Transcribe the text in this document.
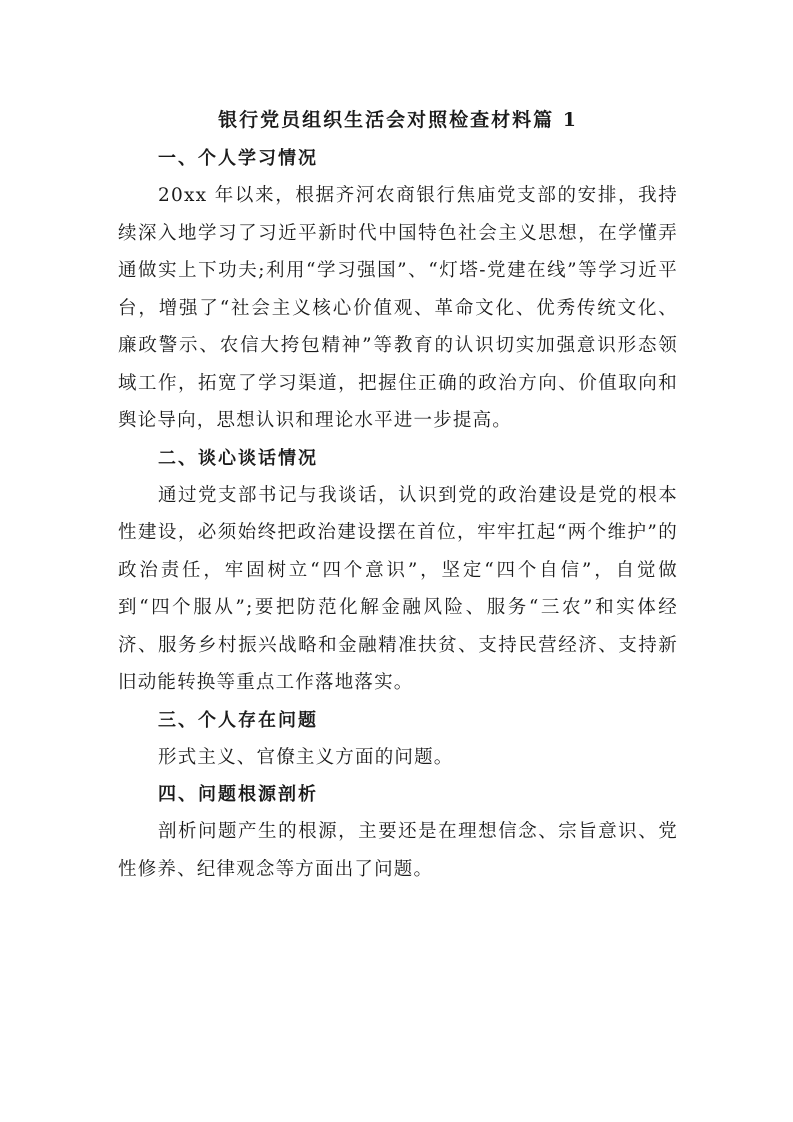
银行党员组织生活会对照检查材料篇 1
一、个人学习情况

20xx 年以来，根据齐河农商银行焦庙党支部的安排，我持续深入地学习了习近平新时代中国特色社会主义思想，在学懂弄通做实上下功夫;利用“学习强国”、“灯塔-党建在线”等学习近平台，增强了“社会主义核心价值观、革命文化、优秀传统文化、廉政警示、农信大挎包精神”等教育的认识切实加强意识形态领域工作，拓宽了学习渠道，把握住正确的政治方向、价值取向和舆论导向，思想认识和理论水平进一步提高。

二、谈心谈话情况

通过党支部书记与我谈话，认识到党的政治建设是党的根本性建设，必须始终把政治建设摆在首位，牢牢扛起“两个维护”的政治责任，牢固树立“四个意识”，坚定“四个自信”，自觉做到“四个服从”;要把防范化解金融风险、服务“三农”和实体经济、服务乡村振兴战略和金融精准扶贫、支持民营经济、支持新旧动能转换等重点工作落地落实。

三、个人存在问题

形式主义、官僚主义方面的问题。

四、问题根源剖析

剖析问题产生的根源，主要还是在理想信念、宗旨意识、党性修养、纪律观念等方面出了问题。
